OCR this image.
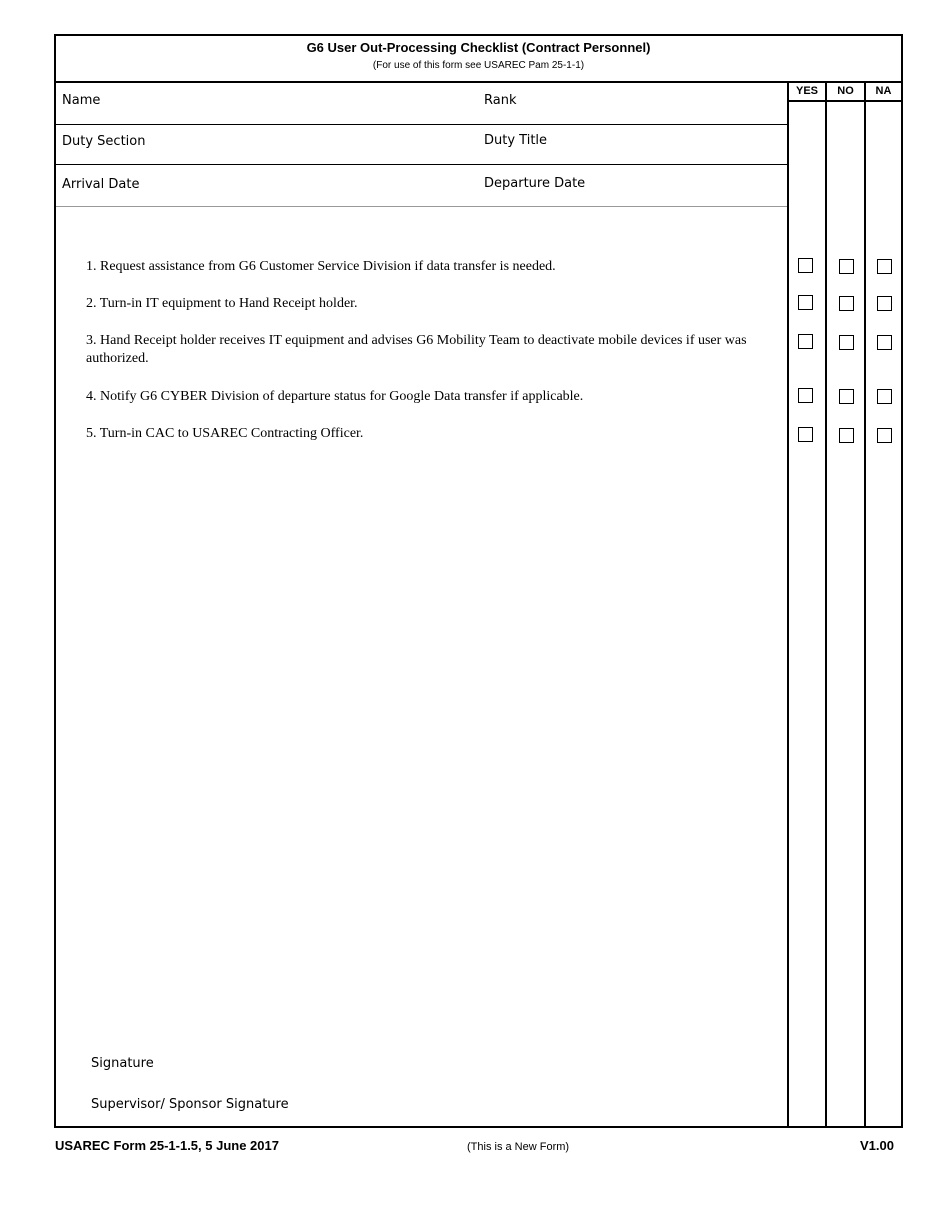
G6 User Out-Processing Checklist (Contract Personnel)
(For use of this form see USAREC Pam 25-1-1)
YES	NO	NA
Name	Rank
Duty Section	Duty Title
Arrival Date	Departure Date
1. Request assistance from G6 Customer Service Division if data transfer is needed.
2. Turn-in IT equipment to Hand Receipt holder.
3. Hand Receipt holder receives IT equipment and advises G6 Mobility Team to deactivate mobile devices if user was authorized.
4. Notify G6 CYBER Division of departure status for Google Data transfer if applicable.
5. Turn-in CAC to USAREC Contracting Officer.
Signature
Supervisor/ Sponsor Signature
USAREC Form 25-1-1.5, 5 June 2017	(This is a New Form)	V1.00
